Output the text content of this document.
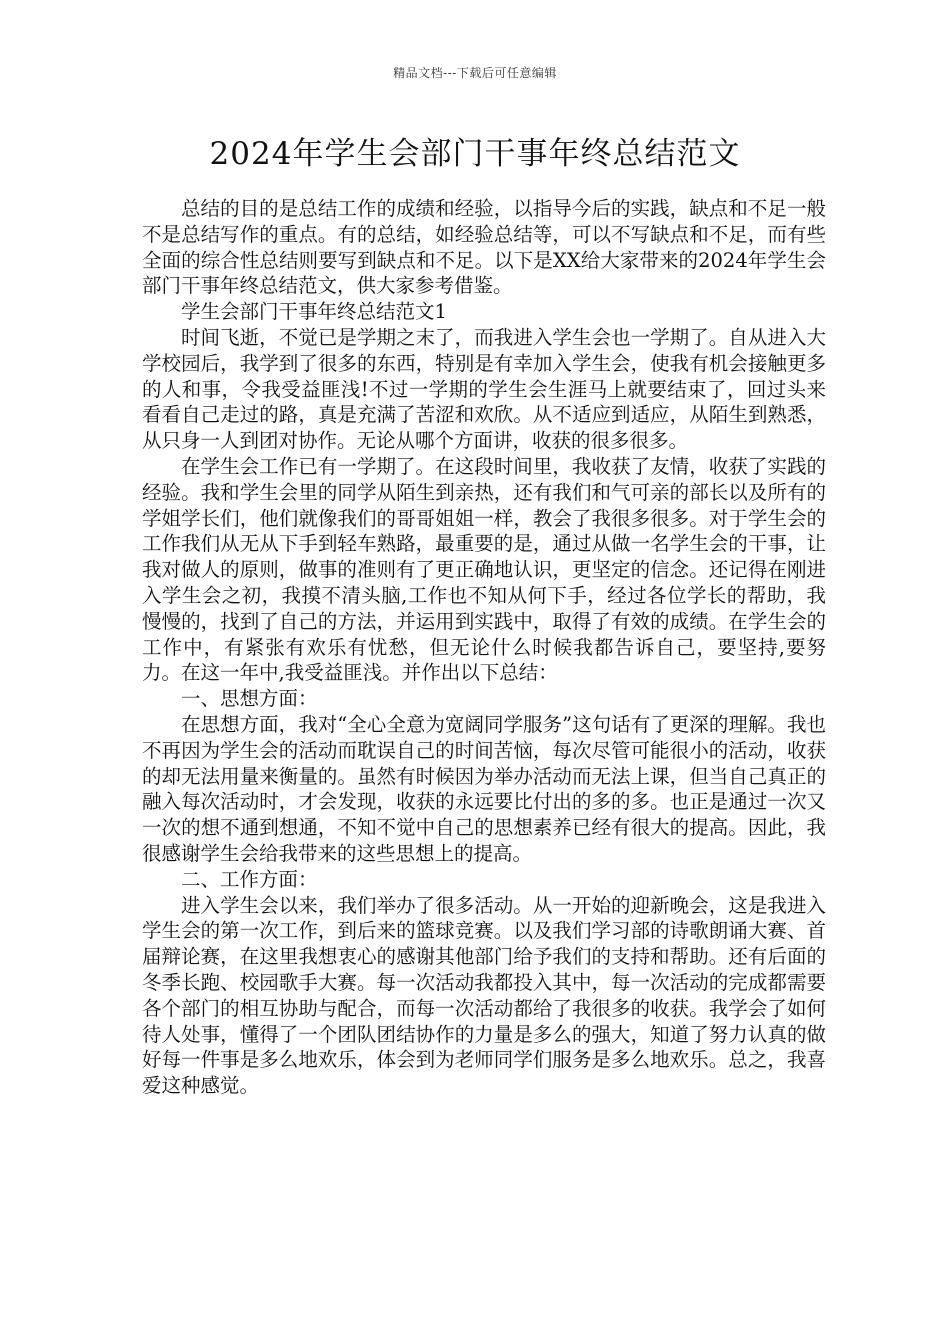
精品文档---下载后可任意编辑
2024年学生会部门干事年终总结范文

总结的目的是总结工作的成绩和经验，以指导今后的实践，缺点和不足一般不是总结写作的重点。有的总结，如经验总结等，可以不写缺点和不足，而有些全面的综合性总结则要写到缺点和不足。以下是XX给大家带来的2024年学生会部门干事年终总结范文，供大家参考借鉴。

学生会部门干事年终总结范文1

时间飞逝，不觉已是学期之末了，而我进入学生会也一学期了。自从进入大学校园后，我学到了很多的东西，特别是有幸加入学生会，使我有机会接触更多的人和事，令我受益匪浅!不过一学期的学生会生涯马上就要结束了，回过头来看看自己走过的路，真是充满了苦涩和欢欣。从不适应到适应，从陌生到熟悉，从只身一人到团对协作。无论从哪个方面讲，收获的很多很多。

在学生会工作已有一学期了。在这段时间里，我收获了友情，收获了实践的经验。我和学生会里的同学从陌生到亲热，还有我们和气可亲的部长以及所有的学姐学长们，他们就像我们的哥哥姐姐一样，教会了我很多很多。对于学生会的工作我们从无从下手到轻车熟路，最重要的是，通过从做一名学生会的干事，让我对做人的原则，做事的准则有了更正确地认识，更坚定的信念。还记得在刚进入学生会之初，我摸不清头脑,工作也不知从何下手，经过各位学长的帮助，我慢慢的，找到了自己的方法，并运用到实践中，取得了有效的成绩。在学生会的工作中，有紧张有欢乐有忧愁，但无论什么时候我都告诉自己，要坚持,要努力。在这一年中,我受益匪浅。并作出以下总结：

一、思想方面：

在思想方面，我对“全心全意为宽阔同学服务”这句话有了更深的理解。我也不再因为学生会的活动而耽误自己的时间苦恼，每次尽管可能很小的活动，收获的却无法用量来衡量的。虽然有时候因为举办活动而无法上课，但当自己真正的融入每次活动时，才会发现，收获的永远要比付出的多的多。也正是通过一次又一次的想不通到想通，不知不觉中自己的思想素养已经有很大的提高。因此，我很感谢学生会给我带来的这些思想上的提高。

二、工作方面：

进入学生会以来，我们举办了很多活动。从一开始的迎新晚会，这是我进入学生会的第一次工作，到后来的篮球竞赛。以及我们学习部的诗歌朗诵大赛、首届辩论赛，在这里我想衷心的感谢其他部门给予我们的支持和帮助。还有后面的冬季长跑、校园歌手大赛。每一次活动我都投入其中，每一次活动的完成都需要各个部门的相互协助与配合，而每一次活动都给了我很多的收获。我学会了如何待人处事，懂得了一个团队团结协作的力量是多么的强大，知道了努力认真的做好每一件事是多么地欢乐，体会到为老师同学们服务是多么地欢乐。总之，我喜爱这种感觉。
